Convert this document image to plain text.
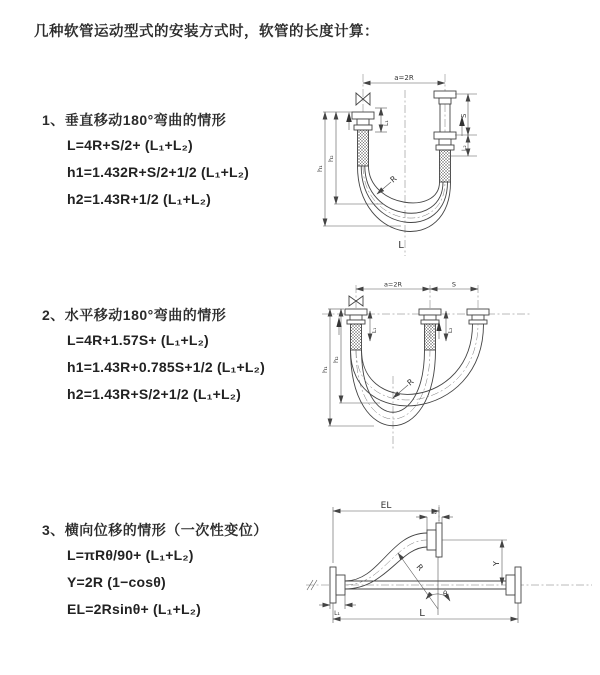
几种软管运动型式的安装方式时，软管的长度计算：
1、垂直移动180°弯曲的情形
L=4R+S/2+ (L₁+L₂)
h1=1.432R+S/2+1/2 (L₁+L₂)
h2=1.43R+1/2 (L₁+L₂)
2、水平移动180°弯曲的情形
L=4R+1.57S+ (L₁+L₂)
h1=1.43R+0.785S+1/2 (L₁+L₂)
h2=1.43R+S/2+1/2 (L₁+L₂)
3、横向位移的情形（一次性变位）
L=πRθ/90+ (L₁+L₂)
Y=2R (1−cosθ)
EL=2Rsinθ+ (L₁+L₂)
a=2R
h₁
h₂
L₁
S
L₂
R
L
a=2R	S
h₁
h₂
L₁	L₂
R
θ
R
EL
L₂
Y
L
L₁
